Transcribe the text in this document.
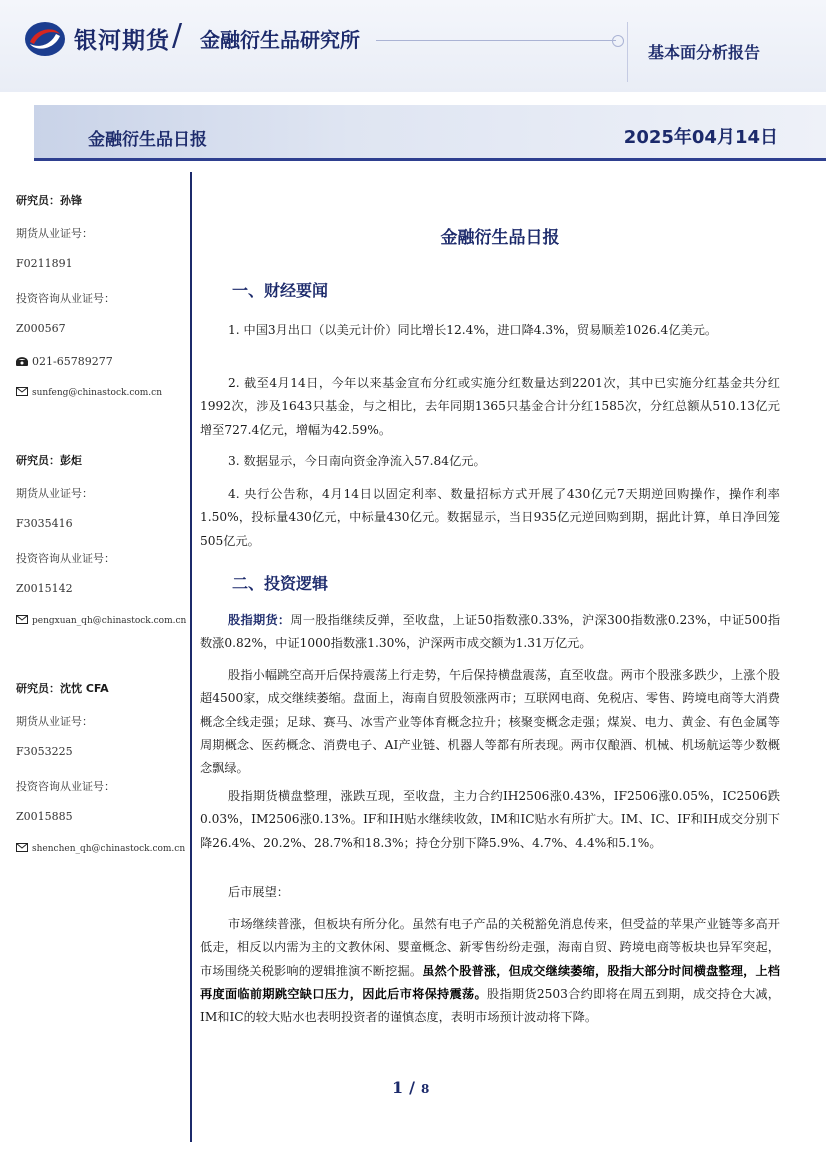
银河期货 / 金融衍生品研究所
基本面分析报告
金融衍生品日报	2025年04月14日
研究员：孙锋
期货从业证号：
F0211891
投资咨询从业证号：
Z000567
021-65789277
sunfeng@chinastock.com.cn
研究员：彭炬
期货从业证号：
F3035416
投资咨询从业证号：
Z0015142
pengxuan_qh@chinastock.com.cn
研究员：沈忱 CFA
期货从业证号：
F3053225
投资咨询从业证号：
Z0015885
shenchen_qh@chinastock.com.cn
金融衍生品日报
一、财经要闻
1. 中国3月出口（以美元计价）同比增长12.4%，进口降4.3%，贸易顺差1026.4亿美元。
2. 截至4月14日，今年以来基金宣布分红或实施分红数量达到2201次，其中已实施分红基金共分红1992次，涉及1643只基金，与之相比，去年同期1365只基金合计分红1585次，分红总额从510.13亿元增至727.4亿元，增幅为42.59%。
3. 数据显示，今日南向资金净流入57.84亿元。
4. 央行公告称，4月14日以固定利率、数量招标方式开展了430亿元7天期逆回购操作，操作利率1.50%，投标量430亿元，中标量430亿元。数据显示，当日935亿元逆回购到期，据此计算，单日净回笼505亿元。
二、投资逻辑
股指期货：周一股指继续反弹，至收盘，上证50指数涨0.33%，沪深300指数涨0.23%，中证500指数涨0.82%，中证1000指数涨1.30%，沪深两市成交额为1.31万亿元。
股指小幅跳空高开后保持震荡上行走势，午后保持横盘震荡，直至收盘。两市个股涨多跌少，上涨个股超4500家，成交继续萎缩。盘面上，海南自贸股领涨两市；互联网电商、免税店、零售、跨境电商等大消费概念全线走强；足球、赛马、冰雪产业等体育概念拉升；核聚变概念走强；煤炭、电力、黄金、有色金属等周期概念、医药概念、消费电子、AI产业链、机器人等都有所表现。两市仅酿酒、机械、机场航运等少数概念飘绿。
股指期货横盘整理，涨跌互现，至收盘，主力合约IH2506涨0.43%，IF2506涨0.05%，IC2506跌0.03%，IM2506涨0.13%。IF和IH贴水继续收敛，IM和IC贴水有所扩大。IM、IC、IF和IH成交分别下降26.4%、20.2%、28.7%和18.3%；持仓分别下降5.9%、4.7%、4.4%和5.1%。
后市展望：
市场继续普涨，但板块有所分化。虽然有电子产品的关税豁免消息传来，但受益的苹果产业链等多高开低走，相反以内需为主的文教休闲、婴童概念、新零售纷纷走强，海南自贸、跨境电商等板块也异军突起，市场围绕关税影响的逻辑推演不断挖掘。虽然个股普涨，但成交继续萎缩，股指大部分时间横盘整理，上档再度面临前期跳空缺口压力，因此后市将保持震荡。股指期货2503合约即将在周五到期，成交持仓大减，IM和IC的较大贴水也表明投资者的谨慎态度，表明市场预计波动将下降。
1 / 8
